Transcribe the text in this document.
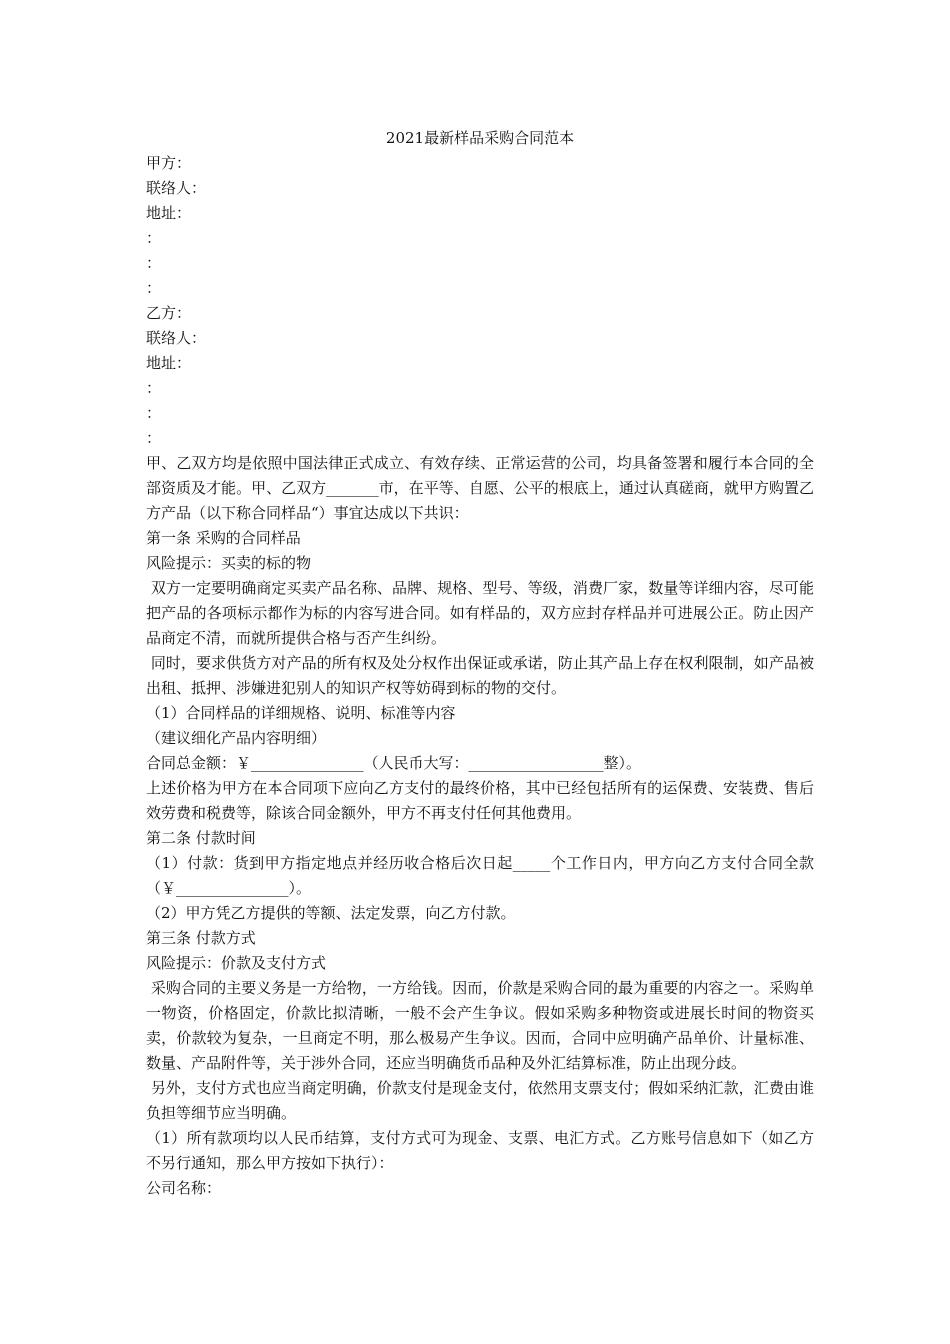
2021最新样品采购合同范本

甲方：

联络人：

地址：

：

：

：

乙方：

联络人：

地址：

：

：

：

甲、乙双方均是依照中国法律正式成立、有效存续、正常运营的公司，均具备签署和履行本合同的全部资质及才能。甲、乙双方_______市，在平等、自愿、公平的根底上，通过认真磋商，就甲方购置乙方产品（以下称合同样品“）事宜达成以下共识：

第一条 采购的合同样品

风险提示：买卖的标的物

双方一定要明确商定买卖产品名称、品牌、规格、型号、等级，消费厂家，数量等详细内容，尽可能把产品的各项标示都作为标的内容写进合同。如有样品的，双方应封存样品并可进展公正。防止因产品商定不清，而就所提供合格与否产生纠纷。

同时，要求供货方对产品的所有权及处分权作出保证或承诺，防止其产品上存在权利限制，如产品被出租、抵押、涉嫌进犯别人的知识产权等妨碍到标的物的交付。

（1）合同样品的详细规格、说明、标准等内容

（建议细化产品内容明细）

合同总金额：￥_______________（人民币大写：__________________整）。

上述价格为甲方在本合同项下应向乙方支付的最终价格，其中已经包括所有的运保费、安装费、售后效劳费和税费等，除该合同金额外，甲方不再支付任何其他费用。

第二条 付款时间

（1）付款：货到甲方指定地点并经历收合格后次日起_____个工作日内，甲方向乙方支付合同全款（￥_______________）。

（2）甲方凭乙方提供的等额、法定发票，向乙方付款。

第三条 付款方式

风险提示：价款及支付方式

采购合同的主要义务是一方给物，一方给钱。因而，价款是采购合同的最为重要的内容之一。采购单一物资，价格固定，价款比拟清晰，一般不会产生争议。假如采购多种物资或进展长时间的物资买卖，价款较为复杂，一旦商定不明，那么极易产生争议。因而，合同中应明确产品单价、计量标准、数量、产品附件等，关于涉外合同，还应当明确货币品种及外汇结算标准，防止出现分歧。

另外，支付方式也应当商定明确，价款支付是现金支付，依然用支票支付；假如采纳汇款，汇费由谁负担等细节应当明确。

（1）所有款项均以人民币结算，支付方式可为现金、支票、电汇方式。乙方账号信息如下（如乙方不另行通知，那么甲方按如下执行）：

公司名称：
